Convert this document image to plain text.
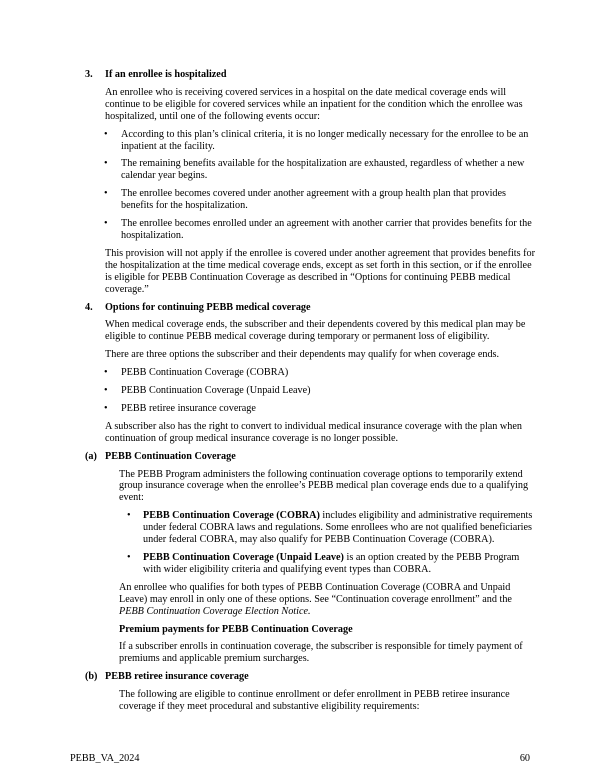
3.	If an enrollee is hospitalized

An enrollee who is receiving covered services in a hospital on the date medical coverage ends will continue to be eligible for covered services while an inpatient for the condition which the enrollee was hospitalized, until one of the following events occur:

•	According to this plan’s clinical criteria, it is no longer medically necessary for the enrollee to be an inpatient at the facility.
•	The remaining benefits available for the hospitalization are exhausted, regardless of whether a new calendar year begins.
•	The enrollee becomes covered under another agreement with a group health plan that provides benefits for the hospitalization.
•	The enrollee becomes enrolled under an agreement with another carrier that provides benefits for the hospitalization.

This provision will not apply if the enrollee is covered under another agreement that provides benefits for the hospitalization at the time medical coverage ends, except as set forth in this section, or if the enrollee is eligible for PEBB Continuation Coverage as described in “Options for continuing PEBB medical coverage.”

4.	Options for continuing PEBB medical coverage

When medical coverage ends, the subscriber and their dependents covered by this medical plan may be eligible to continue PEBB medical coverage during temporary or permanent loss of eligibility.

There are three options the subscriber and their dependents may qualify for when coverage ends.

•	PEBB Continuation Coverage (COBRA)
•	PEBB Continuation Coverage (Unpaid Leave)
•	PEBB retiree insurance coverage

A subscriber also has the right to convert to individual medical insurance coverage with the plan when continuation of group medical insurance coverage is no longer possible.

(a) PEBB Continuation Coverage

The PEBB Program administers the following continuation coverage options to temporarily extend group insurance coverage when the enrollee’s PEBB medical plan coverage ends due to a qualifying event:

•	PEBB Continuation Coverage (COBRA) includes eligibility and administrative requirements under federal COBRA laws and regulations. Some enrollees who are not qualified beneficiaries under federal COBRA, may also qualify for PEBB Continuation Coverage (COBRA).
•	PEBB Continuation Coverage (Unpaid Leave) is an option created by the PEBB Program with wider eligibility criteria and qualifying event types than COBRA.

An enrollee who qualifies for both types of PEBB Continuation Coverage (COBRA and Unpaid Leave) may enroll in only one of these options. See “Continuation coverage enrollment” and the PEBB Continuation Coverage Election Notice.

Premium payments for PEBB Continuation Coverage

If a subscriber enrolls in continuation coverage, the subscriber is responsible for timely payment of premiums and applicable premium surcharges.

(b) PEBB retiree insurance coverage

The following are eligible to continue enrollment or defer enrollment in PEBB retiree insurance coverage if they meet procedural and substantive eligibility requirements:

PEBB_VA_2024	60
